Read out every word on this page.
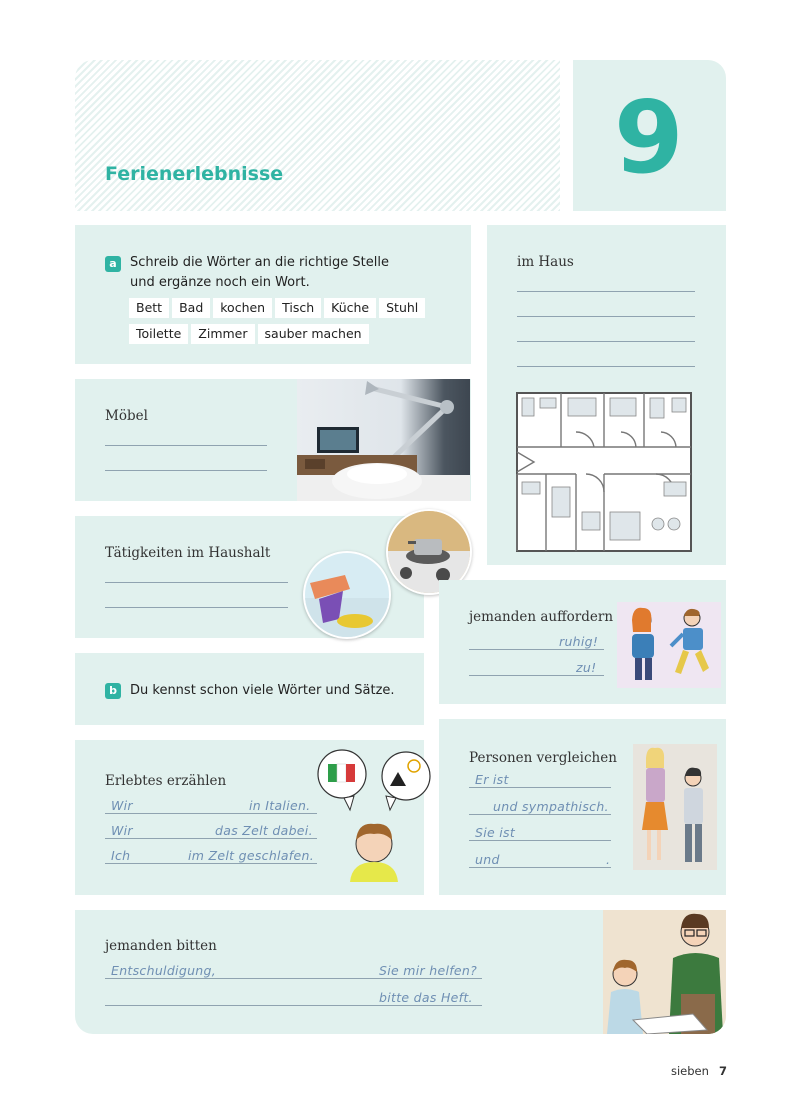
Ferienerlebnisse	9
a	Schreib die Wörter an die richtige Stelle
und ergänze noch ein Wort.
Bett Bad kochen Tisch Küche Stuhl
Toilette Zimmer sauber machen
im Haus
Möbel
Tätigkeiten im Haushalt
jemanden auffordern
ruhig!
zu!
b	Du kennst schon viele Wörter und Sätze.
Erlebtes erzählen
Wir	in Italien.
Wir	das Zelt dabei.
Ich	im Zelt geschlafen.
Personen vergleichen
Er ist
und sympathisch.
Sie ist
und	.
jemanden bitten
Entschuldigung,	Sie mir helfen?
bitte das Heft.
sieben 7
